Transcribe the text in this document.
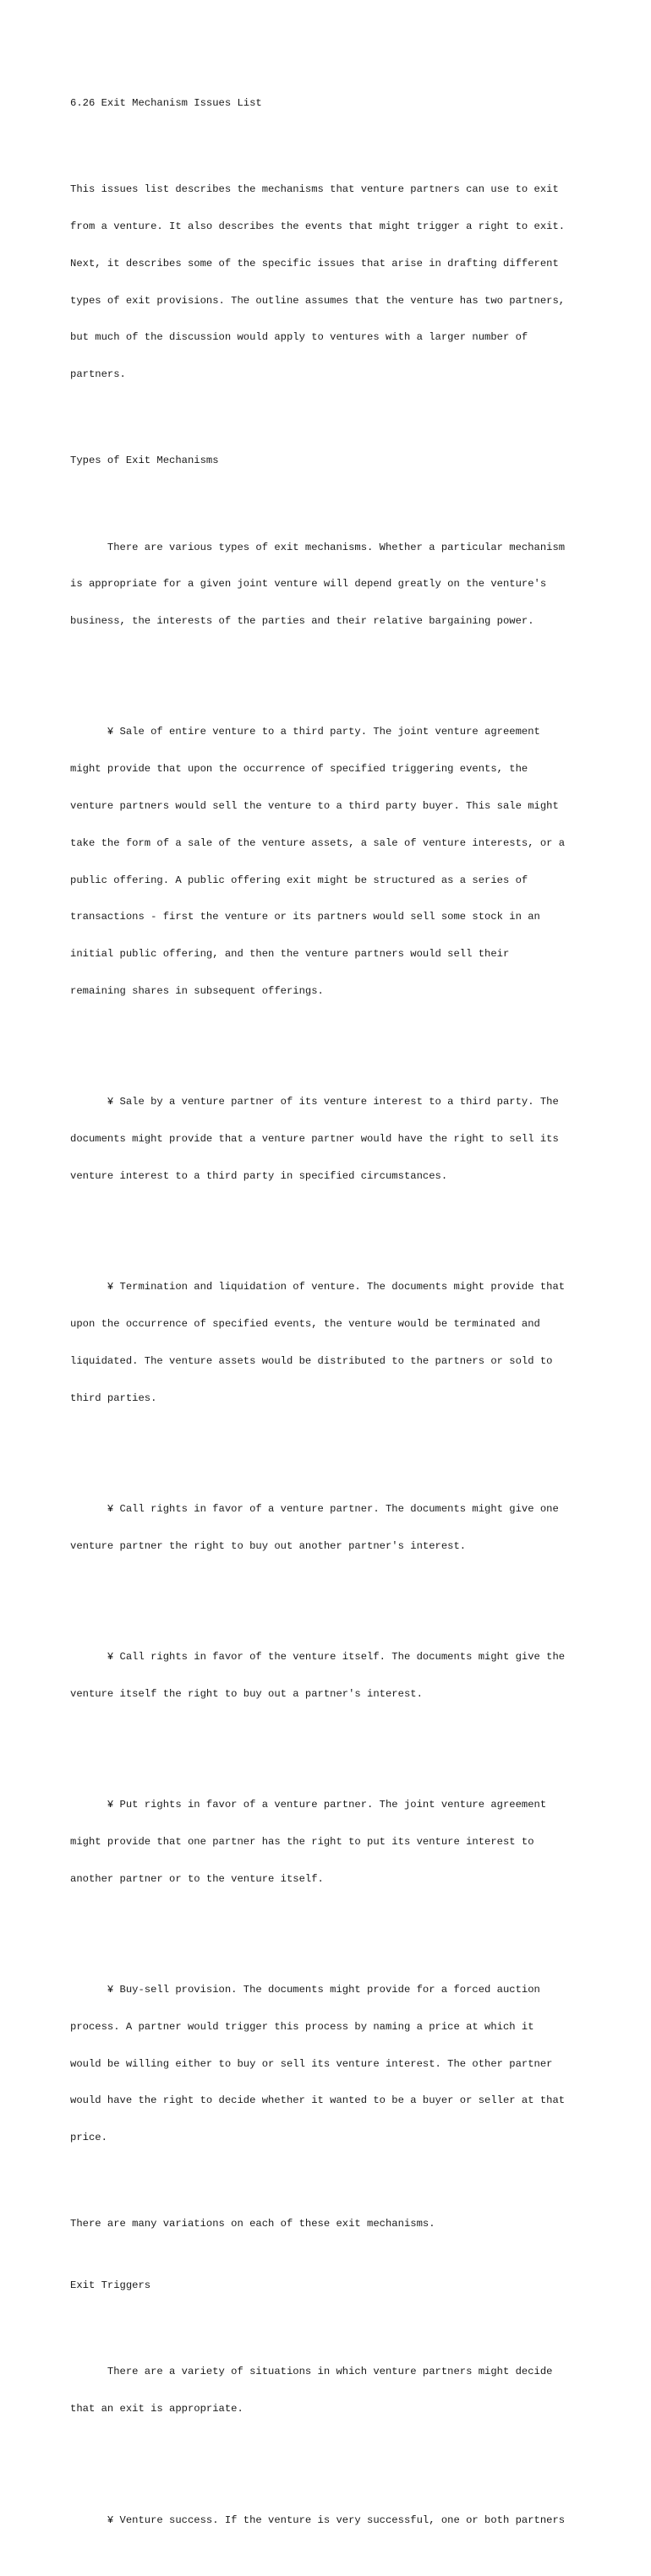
6.26 Exit Mechanism Issues List

This issues list describes the mechanisms that venture partners can use to exit

from a venture. It also describes the events that might trigger a right to exit.

Next, it describes some of the specific issues that arise in drafting different

types of exit provisions. The outline assumes that the venture has two partners,

but much of the discussion would apply to ventures with a larger number of

partners.

Types of Exit Mechanisms

There are various types of exit mechanisms. Whether a particular mechanism

is appropriate for a given joint venture will depend greatly on the venture's

business, the interests of the parties and their relative bargaining power.

¥ Sale of entire venture to a third party. The joint venture agreement

might provide that upon the occurrence of specified triggering events, the

venture partners would sell the venture to a third party buyer. This sale might

take the form of a sale of the venture assets, a sale of venture interests, or a

public offering. A public offering exit might be structured as a series of

transactions - first the venture or its partners would sell some stock in an

initial public offering, and then the venture partners would sell their

remaining shares in subsequent offerings.

¥ Sale by a venture partner of its venture interest to a third party. The

documents might provide that a venture partner would have the right to sell its

venture interest to a third party in specified circumstances.

¥ Termination and liquidation of venture. The documents might provide that

upon the occurrence of specified events, the venture would be terminated and

liquidated. The venture assets would be distributed to the partners or sold to

third parties.

¥ Call rights in favor of a venture partner. The documents might give one

venture partner the right to buy out another partner's interest.

¥ Call rights in favor of the venture itself. The documents might give the

venture itself the right to buy out a partner's interest.

¥ Put rights in favor of a venture partner. The joint venture agreement

might provide that one partner has the right to put its venture interest to

another partner or to the venture itself.

¥ Buy-sell provision. The documents might provide for a forced auction

process. A partner would trigger this process by naming a price at which it

would be willing either to buy or sell its venture interest. The other partner

would have the right to decide whether it wanted to be a buyer or seller at that

price.

There are many variations on each of these exit mechanisms.

Exit Triggers

There are a variety of situations in which venture partners might decide

that an exit is appropriate.

¥ Venture success. If the venture is very successful, one or both partners
